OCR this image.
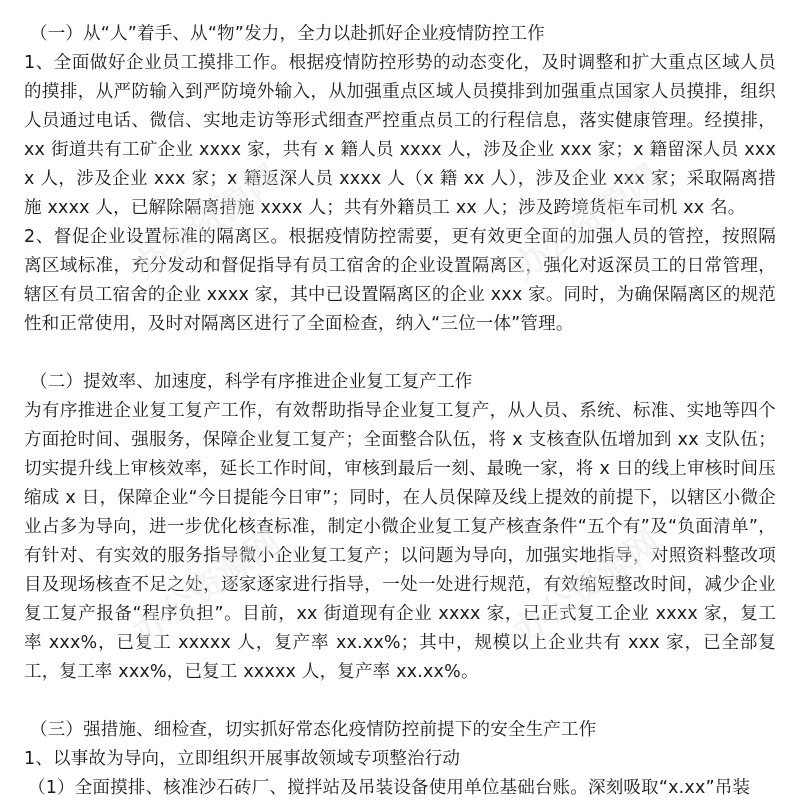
办公资源网	办公资源网
办公资源网	办公资源网

（一）从“人”着手、从“物”发力，全力以赴抓好企业疫情防控工作

1、全面做好企业员工摸排工作。根据疫情防控形势的动态变化，及时调整和扩大重点区域人员的摸排，从严防输入到严防境外输入，从加强重点区域人员摸排到加强重点国家人员摸排，组织人员通过电话、微信、实地走访等形式细查严控重点员工的行程信息，落实健康管理。经摸排，xx 街道共有工矿企业 xxxx 家，共有 x 籍人员 xxxx 人，涉及企业 xxx 家；x 籍留深人员 xxxx 人，涉及企业 xxx 家；x 籍返深人员 xxxx 人（x 籍 xx 人），涉及企业 xxx 家；采取隔离措施 xxxx 人，已解除隔离措施 xxxx 人；共有外籍员工 xx 人；涉及跨境货柜车司机 xx 名。

2、督促企业设置标准的隔离区。根据疫情防控需要，更有效更全面的加强人员的管控，按照隔离区域标准，充分发动和督促指导有员工宿舍的企业设置隔离区，强化对返深员工的日常管理，辖区有员工宿舍的企业 xxxx 家，其中已设置隔离区的企业 xxx 家。同时，为确保隔离区的规范性和正常使用，及时对隔离区进行了全面检查，纳入“三位一体”管理。

（二）提效率、加速度，科学有序推进企业复工复产工作

为有序推进企业复工复产工作，有效帮助指导企业复工复产，从人员、系统、标准、实地等四个方面抢时间、强服务，保障企业复工复产；全面整合队伍，将 x 支核查队伍增加到 xx 支队伍；切实提升线上审核效率，延长工作时间，审核到最后一刻、最晚一家，将 x 日的线上审核时间压缩成 x 日，保障企业“今日提能今日审”；同时，在人员保障及线上提效的前提下，以辖区小微企业占多为导向，进一步优化核查标准，制定小微企业复工复产核查条件“五个有”及“负面清单”，有针对、有实效的服务指导微小企业复工复产；以问题为导向，加强实地指导，对照资料整改项目及现场核查不足之处，逐家逐家进行指导，一处一处进行规范，有效缩短整改时间，减少企业复工复产报备“程序负担”。目前，xx 街道现有企业 xxxx 家，已正式复工企业 xxxx 家，复工率 xxx%，已复工 xxxxx 人，复产率 xx.xx%；其中，规模以上企业共有 xxx 家，已全部复工，复工率 xxx%，已复工 xxxxx 人，复产率 xx.xx%。

（三）强措施、细检查，切实抓好常态化疫情防控前提下的安全生产工作

1、以事故为导向，立即组织开展事故领域专项整治行动

（1）全面摸排、核准沙石砖厂、搅拌站及吊装设备使用单位基础台账。深刻吸取“x.xx”吊装
